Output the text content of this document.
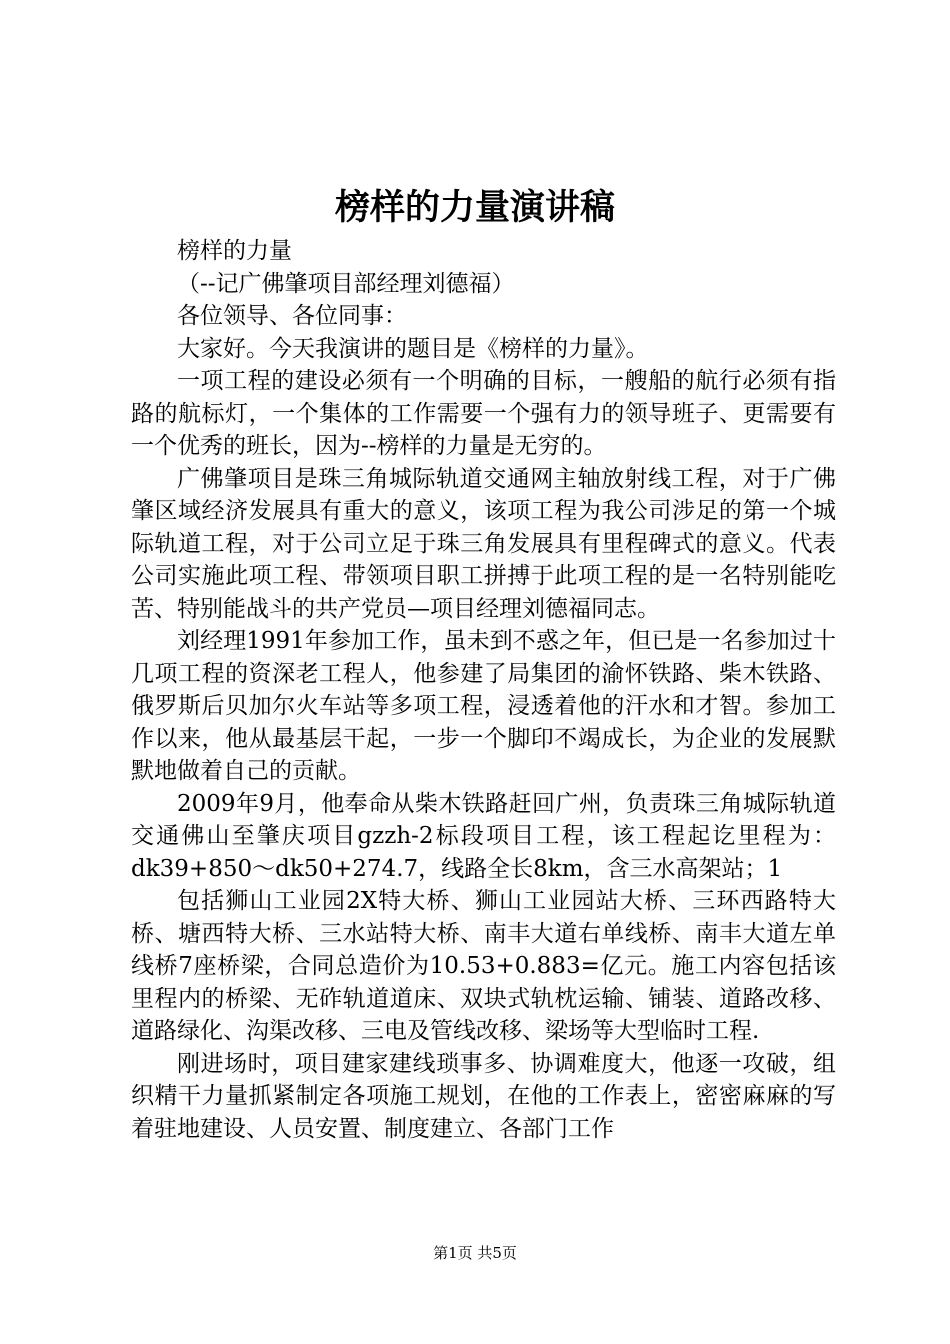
榜样的力量演讲稿

榜样的力量

（--记广佛肇项目部经理刘德福）

各位领导、各位同事：

大家好。今天我演讲的题目是《榜样的力量》。

一项工程的建设必须有一个明确的目标，一艘船的航行必须有指路的航标灯，一个集体的工作需要一个强有力的领导班子、更需要有一个优秀的班长，因为--榜样的力量是无穷的。

广佛肇项目是珠三角城际轨道交通网主轴放射线工程，对于广佛肇区域经济发展具有重大的意义，该项工程为我公司涉足的第一个城际轨道工程，对于公司立足于珠三角发展具有里程碑式的意义。代表公司实施此项工程、带领项目职工拼搏于此项工程的是一名特别能吃苦、特别能战斗的共产党员—项目经理刘德福同志。

刘经理1991年参加工作，虽未到不惑之年，但已是一名参加过十几项工程的资深老工程人，他参建了局集团的渝怀铁路、柴木铁路、俄罗斯后贝加尔火车站等多项工程，浸透着他的汗水和才智。参加工作以来，他从最基层干起，一步一个脚印不竭成长，为企业的发展默默地做着自己的贡献。

2009年9月，他奉命从柴木铁路赶回广州，负责珠三角城际轨道交通佛山至肇庆项目gzzh-2标段项目工程，该工程起讫里程为：dk39+850～dk50+274.7，线路全长8km，含三水高架站；1

包括狮山工业园2X特大桥、狮山工业园站大桥、三环西路特大桥、塘西特大桥、三水站特大桥、南丰大道右单线桥、南丰大道左单线桥7座桥梁，合同总造价为10.53+0.883=亿元。施工内容包括该里程内的桥梁、无砟轨道道床、双块式轨枕运输、铺装、道路改移、道路绿化、沟渠改移、三电及管线改移、梁场等大型临时工程.

刚进场时，项目建家建线琐事多、协调难度大，他逐一攻破，组织精干力量抓紧制定各项施工规划，在他的工作表上，密密麻麻的写着驻地建设、人员安置、制度建立、各部门工作

第1页 共5页
